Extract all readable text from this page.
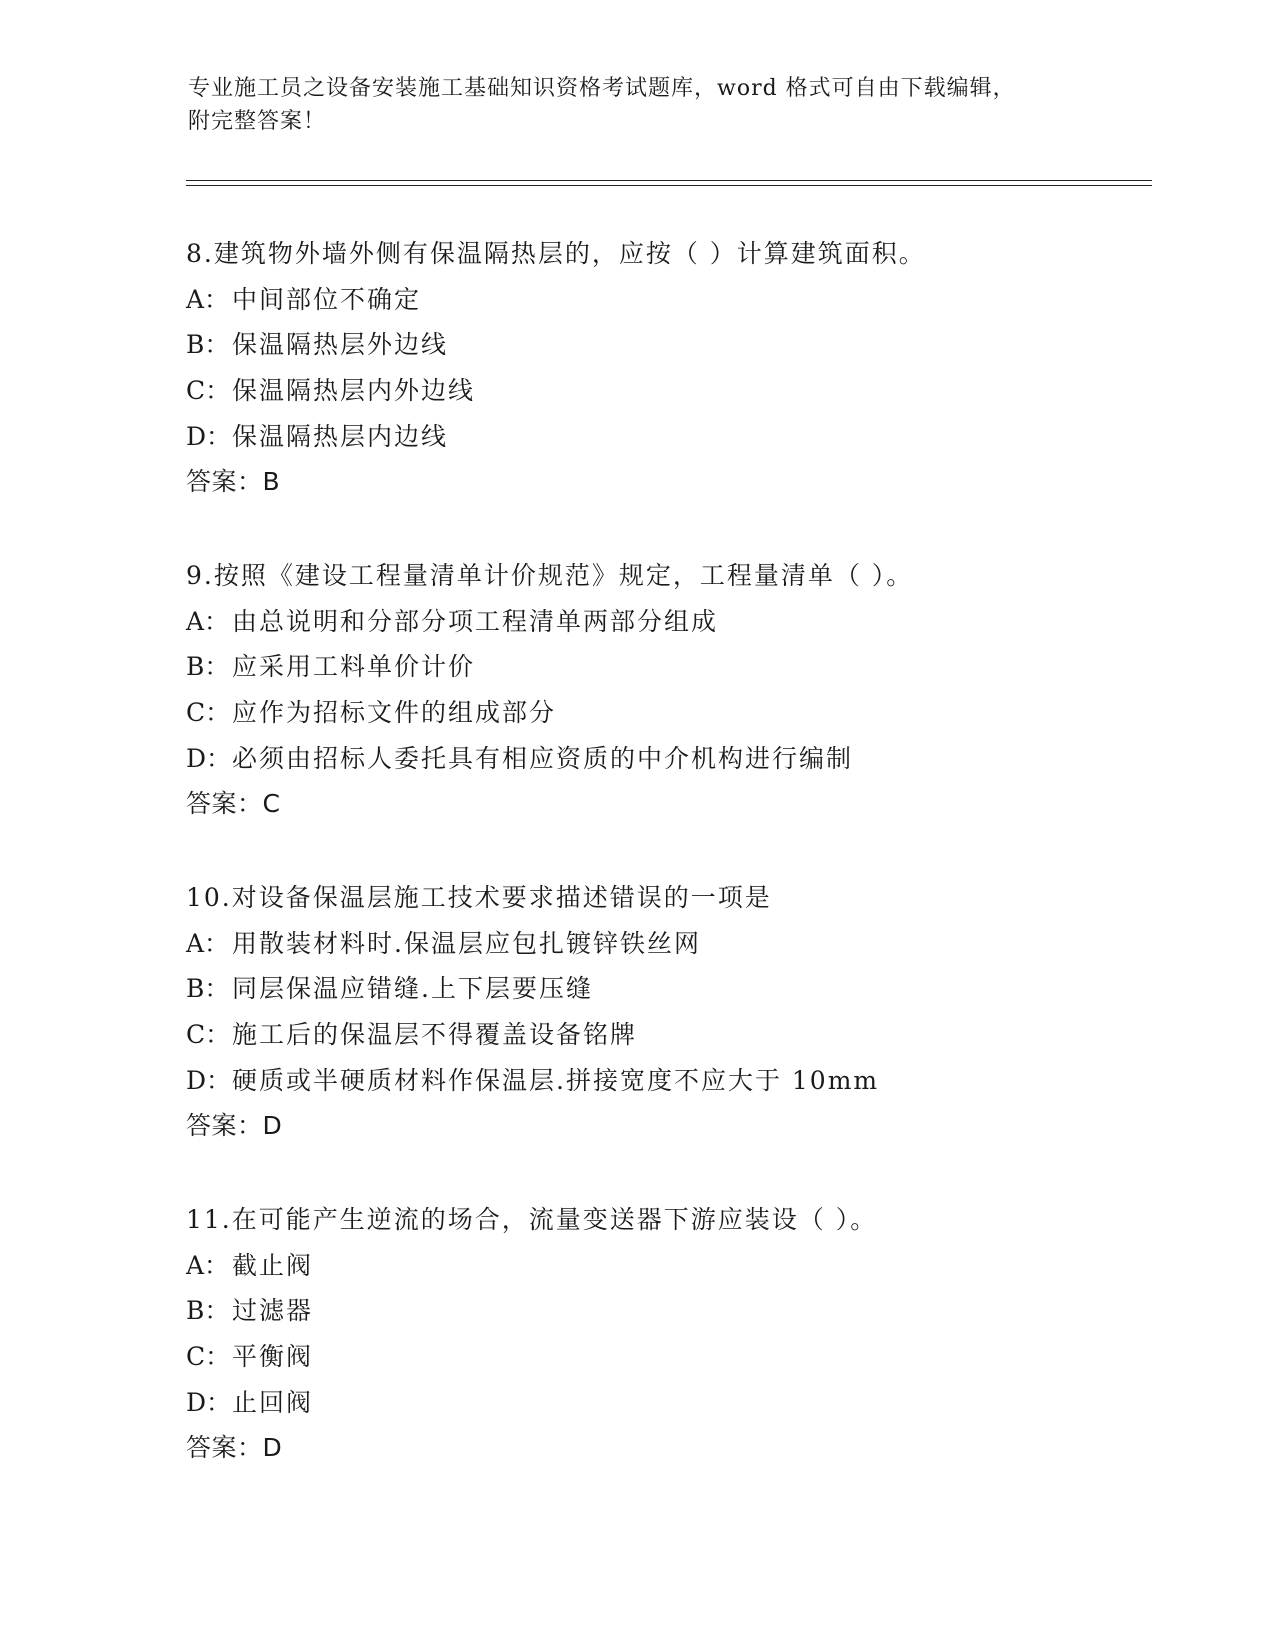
专业施工员之设备安装施工基础知识资格考试题库，word 格式可自由下载编辑，
附完整答案！
8.建筑物外墙外侧有保温隔热层的，应按（ ）计算建筑面积。
A： 中间部位不确定
B： 保温隔热层外边线
C：保温隔热层内外边线
D：保温隔热层内边线
答案：B
9.按照《建设工程量清单计价规范》规定，工程量清单（ ）。
A： 由总说明和分部分项工程清单两部分组成
B： 应采用工料单价计价
C：应作为招标文件的组成部分
D：必须由招标人委托具有相应资质的中介机构进行编制
答案：C
10.对设备保温层施工技术要求描述错误的一项是
A： 用散装材料时.保温层应包扎镀锌铁丝网
B： 同层保温应错缝.上下层要压缝
C：施工后的保温层不得覆盖设备铭牌
D：硬质或半硬质材料作保温层.拼接宽度不应大于 10mm
答案：D
11.在可能产生逆流的场合，流量变送器下游应装设（ ）。
A： 截止阀
B： 过滤器
C：平衡阀
D：止回阀
答案：D
